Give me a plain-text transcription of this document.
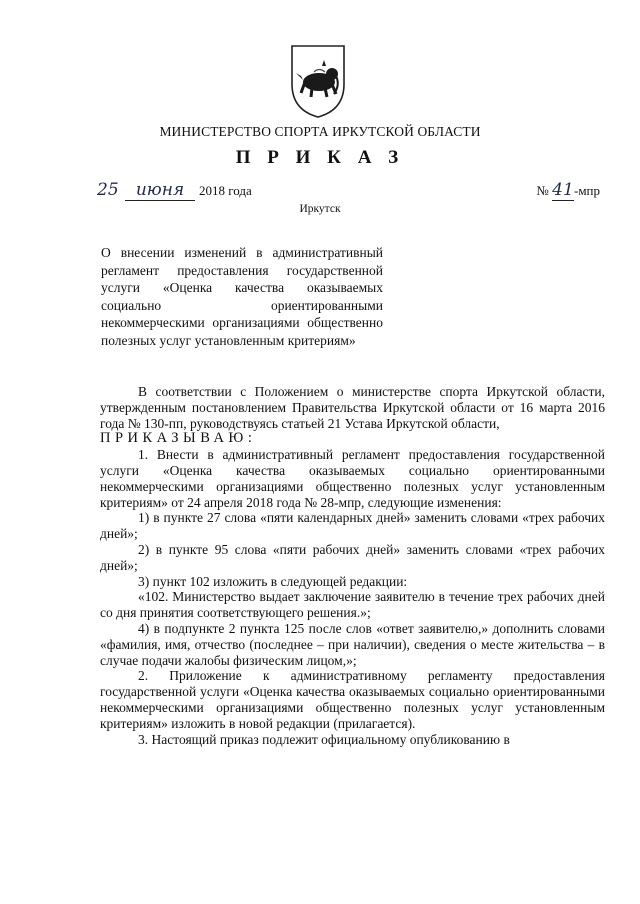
МИНИСТЕРСТВО СПОРТА ИРКУТСКОЙ ОБЛАСТИ
П Р И К А З
25 июня 2018 года	№ 41-мпр
Иркутск

О внесении изменений в административный регламент предоставления государственной услуги «Оценка качества оказываемых социально ориентированными некоммерческими организациями общественно полезных услуг установленным критериям»

В соответствии с Положением о министерстве спорта Иркутской области, утвержденным постановлением Правительства Иркутской области от 16 марта 2016 года № 130-пп, руководствуясь статьей 21 Устава Иркутской области,

ПРИКАЗЫВАЮ:

1. Внести в административный регламент предоставления государственной услуги «Оценка качества оказываемых социально ориентированными некоммерческими организациями общественно полезных услуг установленным критериям» от 24 апреля 2018 года № 28-мпр, следующие изменения:

1) в пункте 27 слова «пяти календарных дней» заменить словами «трех рабочих дней»;

2) в пункте 95 слова «пяти рабочих дней» заменить словами «трех рабочих дней»;

3) пункт 102 изложить в следующей редакции:

«102. Министерство выдает заключение заявителю в течение трех рабочих дней со дня принятия соответствующего решения.»;

4) в подпункте 2 пункта 125 после слов «ответ заявителю,» дополнить словами «фамилия, имя, отчество (последнее – при наличии), сведения о месте жительства – в случае подачи жалобы физическим лицом,»;

2. Приложение к административному регламенту предоставления государственной услуги «Оценка качества оказываемых социально ориентированными некоммерческими организациями общественно полезных услуг установленным критериям» изложить в новой редакции (прилагается).

3. Настоящий приказ подлежит официальному опубликованию в
